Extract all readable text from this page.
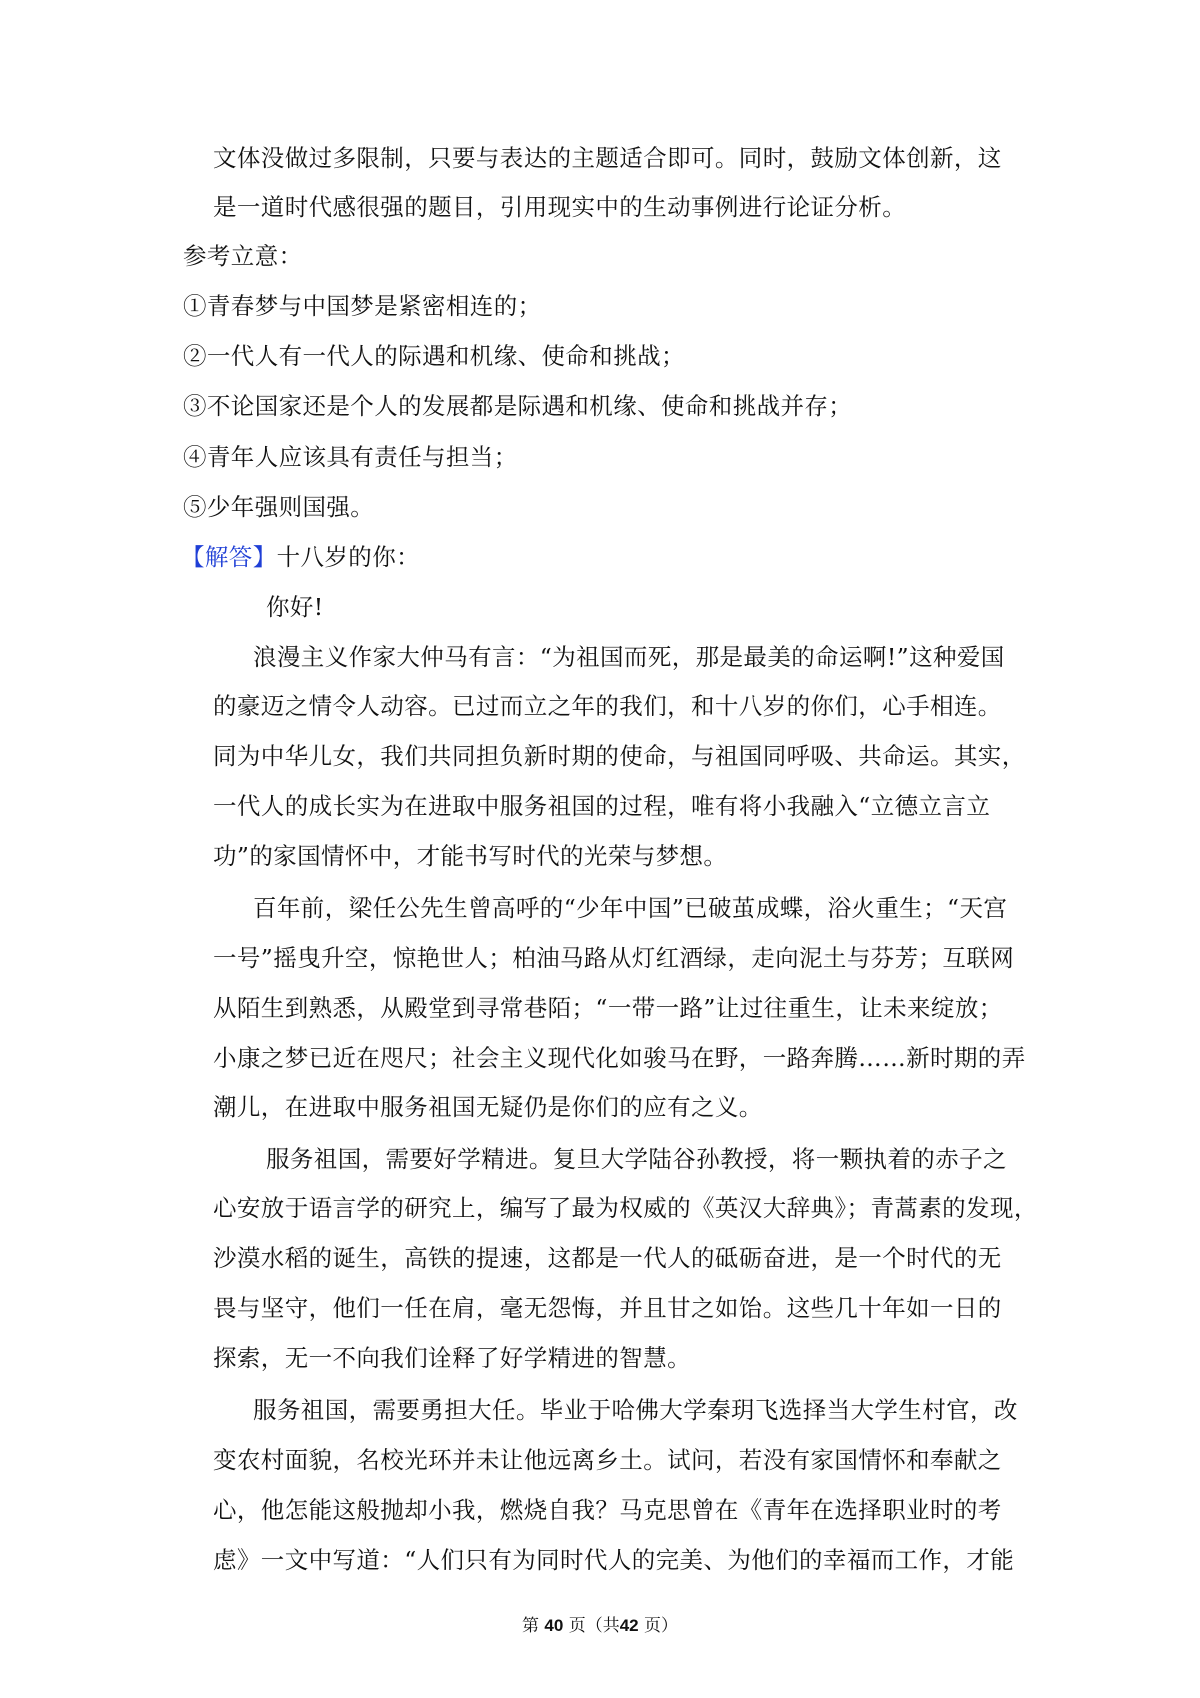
文体没做过多限制，只要与表达的主题适合即可。同时，鼓励文体创新，这
是一道时代感很强的题目，引用现实中的生动事例进行论证分析。
参考立意：
①青春梦与中国梦是紧密相连的；
②一代人有一代人的际遇和机缘、使命和挑战；
③不论国家还是个人的发展都是际遇和机缘、使命和挑战并存；
④青年人应该具有责任与担当；
⑤少年强则国强。
【解答】十八岁的你：
你好!
浪漫主义作家大仲马有言：“为祖国而死，那是最美的命运啊!”这种爱国
的豪迈之情令人动容。已过而立之年的我们，和十八岁的你们，心手相连。
同为中华儿女，我们共同担负新时期的使命，与祖国同呼吸、共命运。其实，
一代人的成长实为在进取中服务祖国的过程，唯有将小我融入“立德立言立
功”的家国情怀中，才能书写时代的光荣与梦想。
百年前，梁任公先生曾高呼的“少年中国”已破茧成蝶，浴火重生；“天宫
一号”摇曳升空，惊艳世人；柏油马路从灯红酒绿，走向泥土与芬芳；互联网
从陌生到熟悉，从殿堂到寻常巷陌；“一带一路”让过往重生，让未来绽放；
小康之梦已近在咫尺；社会主义现代化如骏马在野，一路奔腾……新时期的弄
潮儿，在进取中服务祖国无疑仍是你们的应有之义。
服务祖国，需要好学精进。复旦大学陆谷孙教授，将一颗执着的赤子之
心安放于语言学的研究上，编写了最为权威的《英汉大辞典》；青蒿素的发现，
沙漠水稻的诞生，高铁的提速，这都是一代人的砥砺奋进，是一个时代的无
畏与坚守，他们一任在肩，毫无怨悔，并且甘之如饴。这些几十年如一日的
探索，无一不向我们诠释了好学精进的智慧。
服务祖国，需要勇担大任。毕业于哈佛大学秦玥飞选择当大学生村官，改
变农村面貌，名校光环并未让他远离乡土。试问，若没有家国情怀和奉献之
心，他怎能这般抛却小我，燃烧自我？马克思曾在《青年在选择职业时的考
虑》一文中写道：“人们只有为同时代人的完美、为他们的幸福而工作，才能
第 40 页（共42 页）
